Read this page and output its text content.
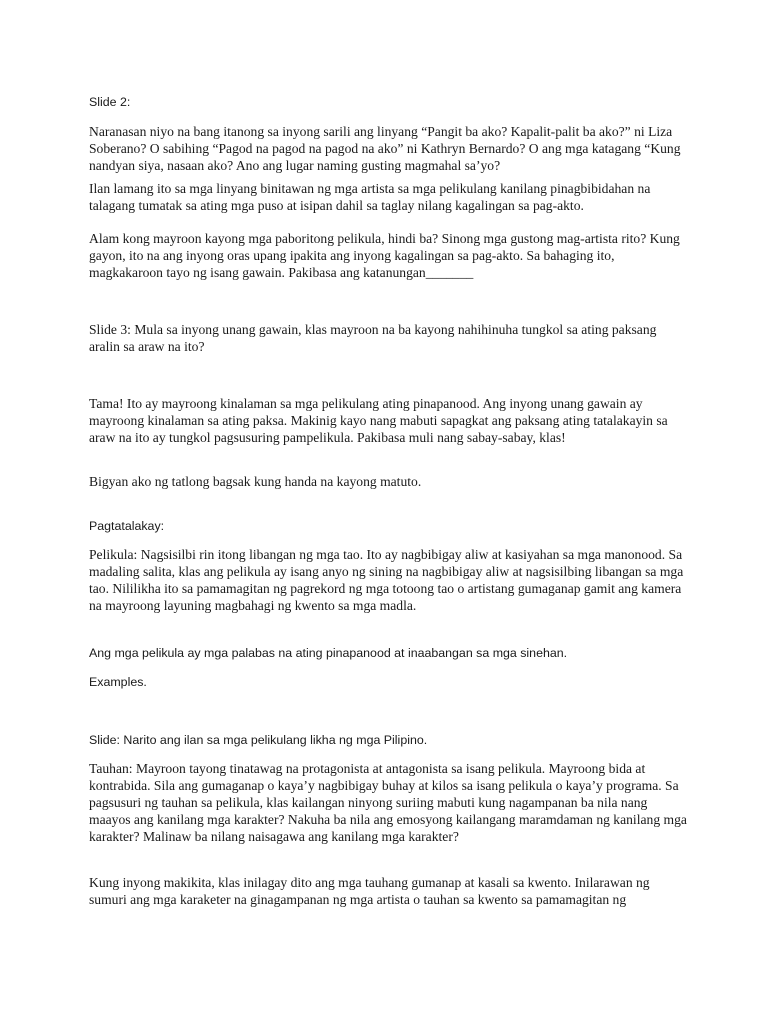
Slide 2:

Naranasan niyo na bang itanong sa inyong sarili ang linyang “Pangit ba ako? Kapalit-palit ba ako?” ni Liza Soberano? O sabihing “Pagod na pagod na pagod na ako” ni Kathryn Bernardo? O ang mga katagang “Kung nandyan siya, nasaan ako? Ano ang lugar naming gusting magmahal sa’yo?

Ilan lamang ito sa mga linyang binitawan ng mga artista sa mga pelikulang kanilang pinagbibidahan na talagang tumatak sa ating mga puso at isipan dahil sa taglay nilang kagalingan sa pag-akto.

Alam kong mayroon kayong mga paboritong pelikula, hindi ba? Sinong mga gustong mag-artista rito? Kung gayon, ito na ang inyong oras upang ipakita ang inyong kagalingan sa pag-akto. Sa bahaging ito, magkakaroon tayo ng isang gawain. Pakibasa ang katanungan_______

Slide 3: Mula sa inyong unang gawain, klas mayroon na ba kayong nahihinuha tungkol sa ating paksang aralin sa araw na ito?

Tama! Ito ay mayroong kinalaman sa mga pelikulang ating pinapanood. Ang inyong unang gawain ay mayroong kinalaman sa ating paksa. Makinig kayo nang mabuti sapagkat ang paksang ating tatalakayin sa araw na ito ay tungkol pagsusuring pampelikula. Pakibasa muli nang sabay-sabay, klas!

Bigyan ako ng tatlong bagsak kung handa na kayong matuto.

Pagtatalakay:

Pelikula: Nagsisilbi rin itong libangan ng mga tao. Ito ay nagbibigay aliw at kasiyahan sa mga manonood. Sa madaling salita, klas ang pelikula ay isang anyo ng sining na nagbibigay aliw at nagsisilbing libangan sa mga tao. Nililikha ito sa pamamagitan ng pagrekord ng mga totoong tao o artistang gumaganap gamit ang kamera na mayroong layuning magbahagi ng kwento sa mga madla.

Ang mga pelikula ay mga palabas na ating pinapanood at inaabangan sa mga sinehan.

Examples.

Slide: Narito ang ilan sa mga pelikulang likha ng mga Pilipino.

Tauhan: Mayroon tayong tinatawag na protagonista at antagonista sa isang pelikula. Mayroong bida at kontrabida. Sila ang gumaganap o kaya’y nagbibigay buhay at kilos sa isang pelikula o kaya’y programa. Sa pagsusuri ng tauhan sa pelikula, klas kailangan ninyong suriing mabuti kung nagampanan ba nila nang maayos ang kanilang mga karakter? Nakuha ba nila ang emosyong kailangang maramdaman ng kanilang mga karakter? Malinaw ba nilang naisagawa ang kanilang mga karakter?

Kung inyong makikita, klas inilagay dito ang mga tauhang gumanap at kasali sa kwento. Inilarawan ng sumuri ang mga karaketer na ginagampanan ng mga artista o tauhan sa kwento sa pamamagitan ng
